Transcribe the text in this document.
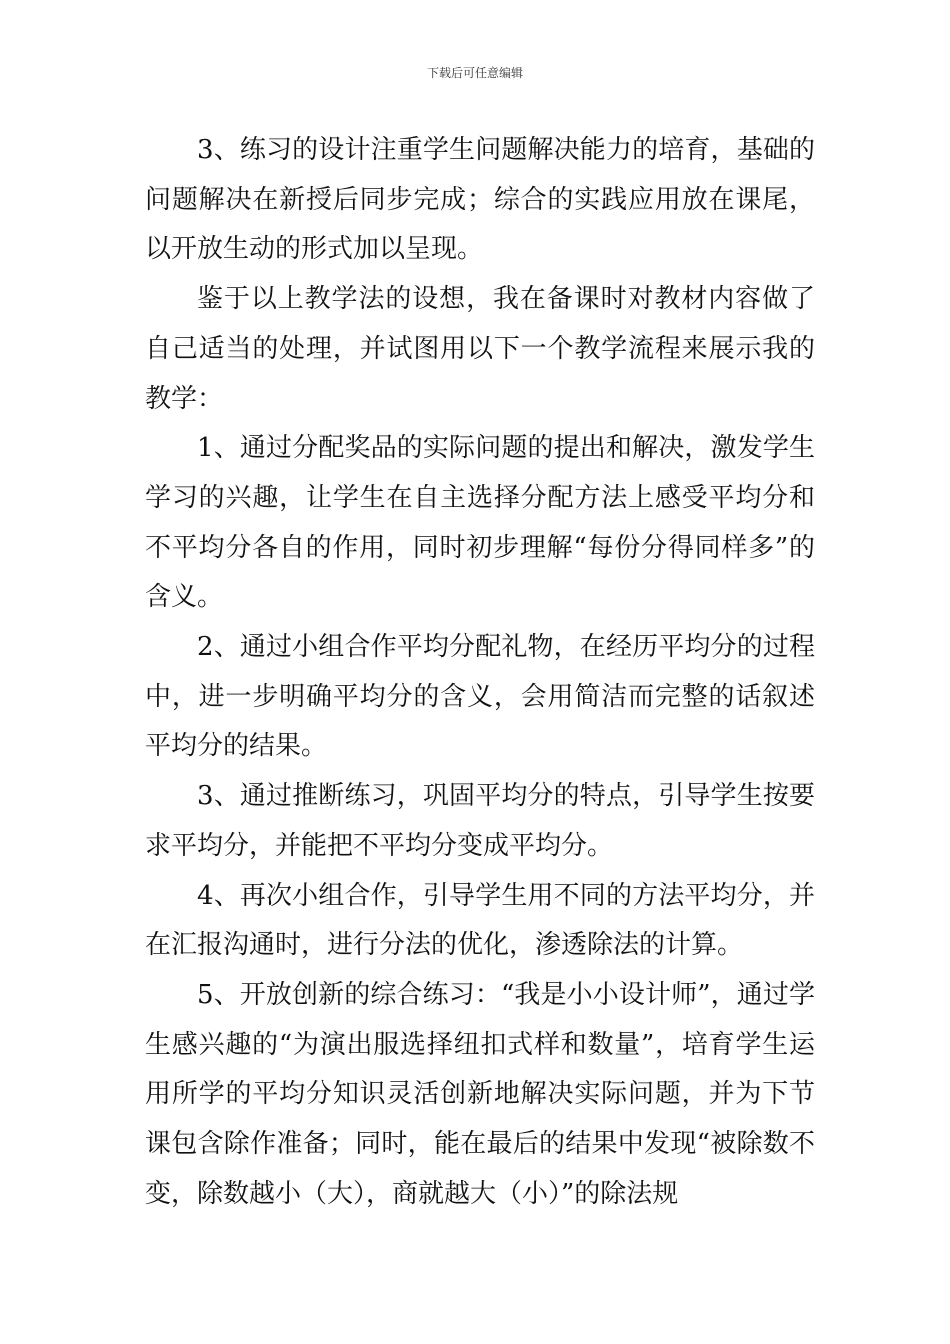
下载后可任意编辑

3、练习的设计注重学生问题解决能力的培育，基础的问题解决在新授后同步完成；综合的实践应用放在课尾，以开放生动的形式加以呈现。

鉴于以上教学法的设想，我在备课时对教材内容做了自己适当的处理，并试图用以下一个教学流程来展示我的教学：

1、通过分配奖品的实际问题的提出和解决，激发学生学习的兴趣，让学生在自主选择分配方法上感受平均分和不平均分各自的作用，同时初步理解“每份分得同样多”的含义。

2、通过小组合作平均分配礼物，在经历平均分的过程中，进一步明确平均分的含义，会用简洁而完整的话叙述平均分的结果。

3、通过推断练习，巩固平均分的特点，引导学生按要求平均分，并能把不平均分变成平均分。

4、再次小组合作，引导学生用不同的方法平均分，并在汇报沟通时，进行分法的优化，渗透除法的计算。

5、开放创新的综合练习：“我是小小设计师”，通过学生感兴趣的“为演出服选择纽扣式样和数量”，培育学生运用所学的平均分知识灵活创新地解决实际问题，并为下节课包含除作准备；同时，能在最后的结果中发现“被除数不变，除数越小（大），商就越大（小）”的除法规
